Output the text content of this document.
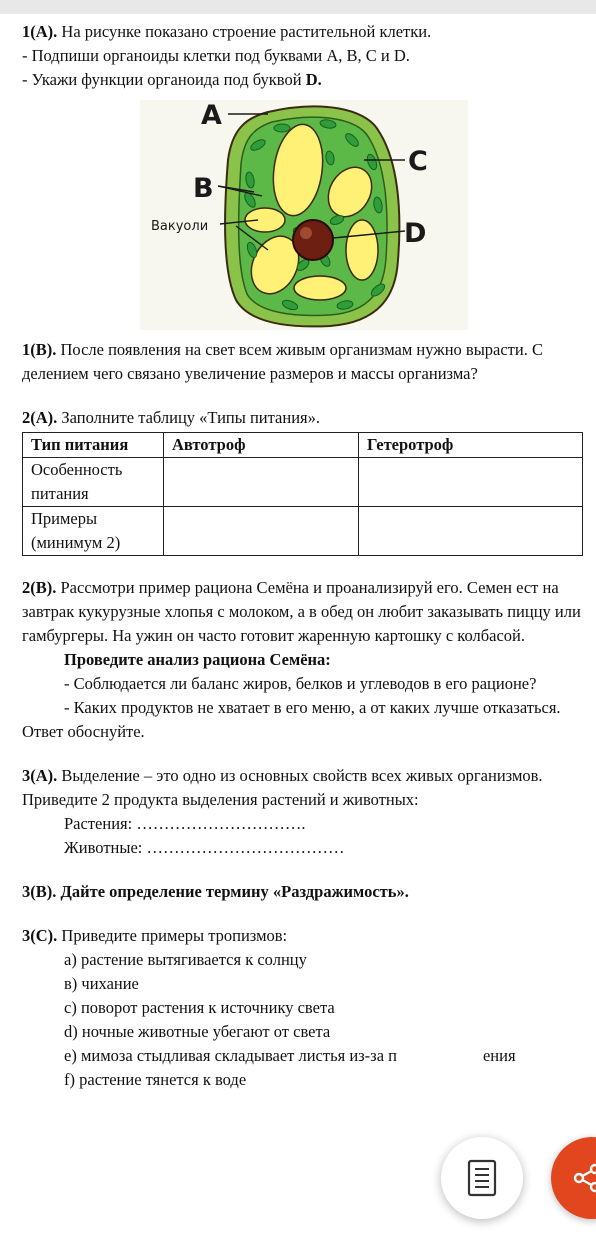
1(А). На рисунке показано строение растительной клетки.

- Подпиши органоиды клетки под буквами A, B, C и D.

- Укажи функции органоида под буквой D.

A
B
C
D
Вакуоли

1(В). После появления на свет всем живым организмам нужно вырасти. С делением чего связано увеличение размеров и массы организма?

2(А). Заполните таблицу «Типы питания».

Тип питания	Автотроф	Гетеротроф
Особенность питания		
Примеры (минимум 2)		

2(В). Рассмотри пример рациона Семёна и проанализируй его. Семен ест на завтрак кукурузные хлопья с молоком, а в обед он любит заказывать пиццу или гамбургеры. На ужин он часто готовит жаренную картошку с колбасой.

Проведите анализ рациона Семёна:

- Соблюдается ли баланс жиров, белков и углеводов в его рационе?

- Каких продуктов не хватает в его меню, а от каких лучше отказаться. Ответ обоснуйте.

3(А). Выделение – это одно из основных свойств всех живых организмов.

Приведите 2 продукта выделения растений и животных:

Растения: ………………………….

Животные: ………………………………

3(В). Дайте определение термину «Раздражимость».

3(С). Приведите примеры тропизмов:

a) растение вытягивается к солнцу

в) чихание

c) поворот растения к источнику света

d) ночные животные убегают от света

e) мимоза стыдливая складывает листья из-за п	ения

f) растение тянется к воде
